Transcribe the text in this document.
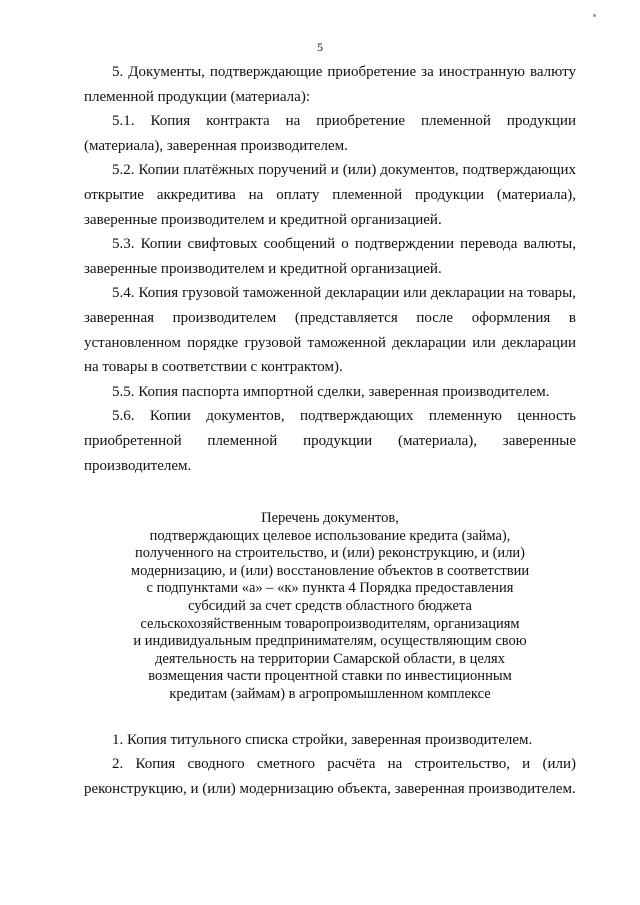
5

5. Документы, подтверждающие приобретение за иностранную валюту племенной продукции (материала):

5.1. Копия контракта на приобретение племенной продукции (материала), заверенная производителем.

5.2. Копии платёжных поручений и (или) документов, подтверждающих открытие аккредитива на оплату племенной продукции (материала), заверенные производителем и кредитной организацией.

5.3. Копии свифтовых сообщений о подтверждении перевода валюты, заверенные производителем и кредитной организацией.

5.4. Копия грузовой таможенной декларации или декларации на товары, заверенная производителем (представляется после оформления в установленном порядке грузовой таможенной декларации или декларации на товары в соответствии с контрактом).

5.5. Копия паспорта импортной сделки, заверенная производителем.

5.6. Копии документов, подтверждающих племенную ценность приобретенной племенной продукции (материала), заверенные производителем.

Перечень документов,
подтверждающих целевое использование кредита (займа),
полученного на строительство, и (или) реконструкцию, и (или)
модернизацию, и (или) восстановление объектов в соответствии
с подпунктами «а» – «к» пункта 4 Порядка предоставления
субсидий за счет средств областного бюджета
сельскохозяйственным товаропроизводителям, организациям
и индивидуальным предпринимателям, осуществляющим свою
деятельность на территории Самарской области, в целях
возмещения части процентной ставки по инвестиционным
кредитам (займам) в агропромышленном комплексе

1. Копия титульного списка стройки, заверенная производителем.

2. Копия сводного сметного расчёта на строительство, и (или) реконструкцию, и (или) модернизацию объекта, заверенная производителем.
